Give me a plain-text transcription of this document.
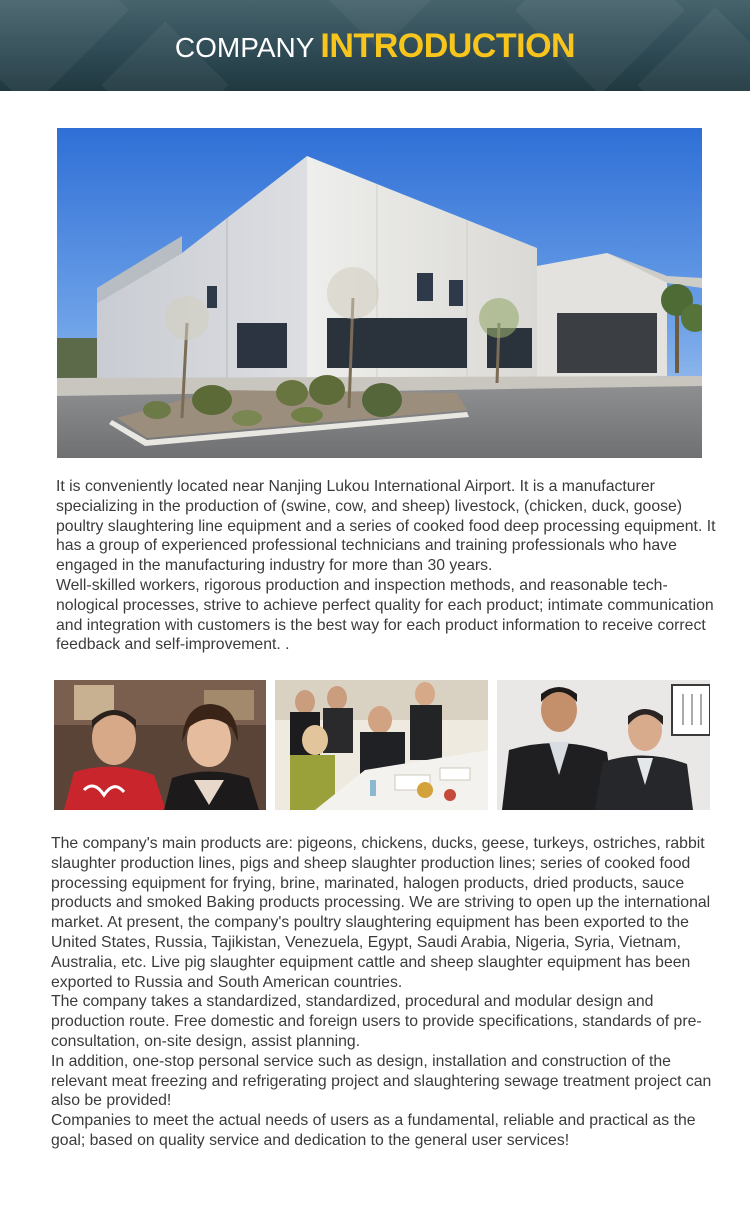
COMPANY INTRODUCTION

It is conveniently located near Nanjing Lukou International Airport. It is a manufacturer specializing in the production of (swine, cow, and sheep) livestock, (chicken, duck, goose) poultry slaughtering line equipment and a series of cooked food deep processing equipment. It has a group of experienced professional technicians and training professionals who have engaged in the manufacturing industry for more than 30 years.

Well-skilled workers, rigorous production and inspection methods, and reasonable technological processes, strive to achieve perfect quality for each product; intimate communication and integration with customers is the best way for each product information to receive correct feedback and self-improvement. .

The company's main products are: pigeons, chickens, ducks, geese, turkeys, ostriches, rabbit slaughter production lines, pigs and sheep slaughter production lines; series of cooked food processing equipment for frying, brine, marinated, halogen products, dried products, sauce products and smoked Baking products processing. We are striving to open up the international market. At present, the company's poultry slaughtering equipment has been exported to the United States, Russia, Tajikistan, Venezuela, Egypt, Saudi Arabia, Nigeria, Syria, Vietnam, Australia, etc. Live pig slaughter equipment cattle and sheep slaughter equipment has been exported to Russia and South American countries.

The company takes a standardized, standardized, procedural and modular design and production route. Free domestic and foreign users to provide specifications, standards of pre-consultation, on-site design, assist planning.

In addition, one-stop personal service such as design, installation and construction of the relevant meat freezing and refrigerating project and slaughtering sewage treatment project can also be provided!

Companies to meet the actual needs of users as a fundamental, reliable and practical as the goal; based on quality service and dedication to the general user services!
